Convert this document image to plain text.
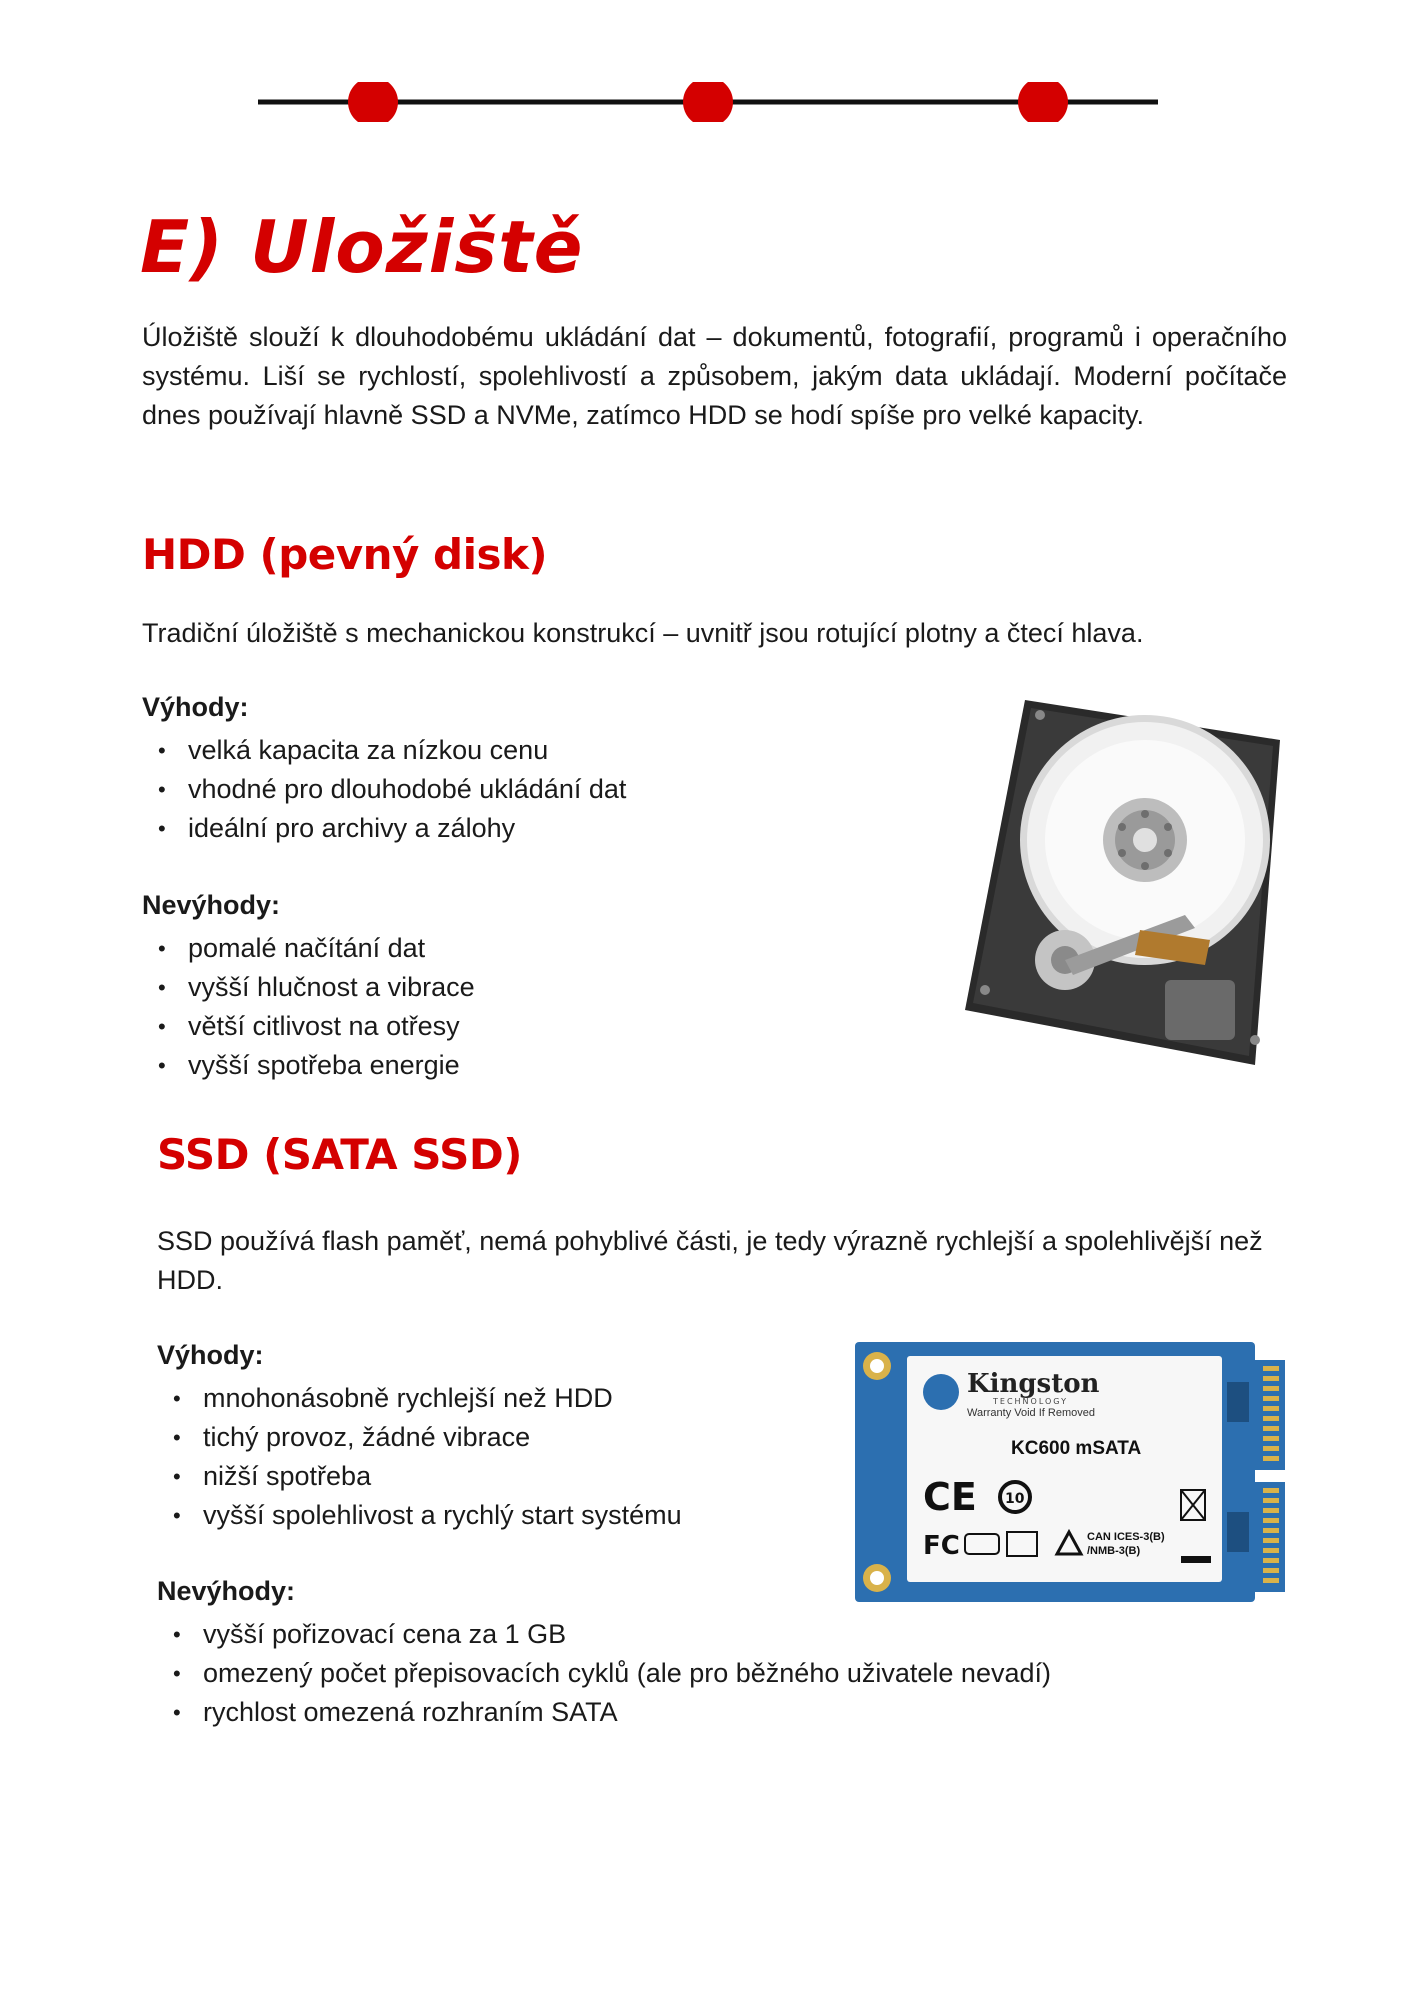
E) Uložiště

Úložiště slouží k dlouhodobému ukládání dat – dokumentů, fotografií, programů i operačního systému. Liší se rychlostí, spolehlivostí a způsobem, jakým data ukládají. Moderní počítače dnes používají hlavně SSD a NVMe, zatímco HDD se hodí spíše pro velké kapacity.

HDD (pevný disk)

Tradiční úložiště s mechanickou konstrukcí – uvnitř jsou rotující plotny a čtecí hlava.

Výhody:

• velká kapacita za nízkou cenu
• vhodné pro dlouhodobé ukládání dat
• ideální pro archivy a zálohy

Nevýhody:

• pomalé načítání dat
• vyšší hlučnost a vibrace
• větší citlivost na otřesy
• vyšší spotřeba energie
SSD (SATA SSD)

SSD používá flash paměť, nemá pohyblivé části, je tedy výrazně rychlejší a spolehlivější než HDD.

Výhody:

• mnohonásobně rychlejší než HDD
• tichý provoz, žádné vibrace
• nižší spotřeba
• vyšší spolehlivost a rychlý start systému

Nevýhody:

• vyšší pořizovací cena za 1 GB
• omezený počet přepisovacích cyklů (ale pro běžného uživatele nevadí)
• rychlost omezená rozhraním SATA
Kingston
TECHNOLOGY
Warranty Void If Removed
KC600 mSATA
CE 10
FC	CAN ICES-3(B)
/NMB-3(B)
